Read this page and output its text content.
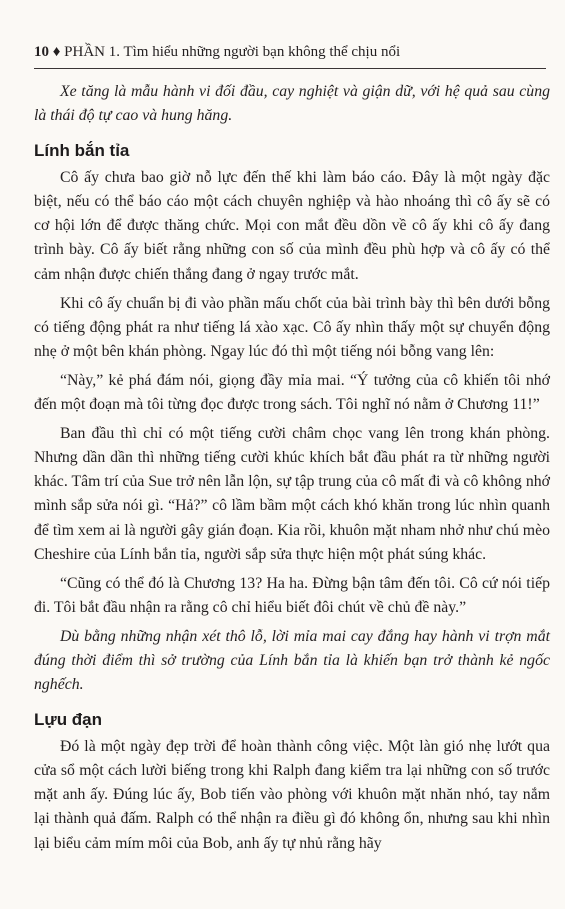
10 ♦ PHẦN 1. Tìm hiểu những người bạn không thể chịu nổi

Xe tăng là mẫu hành vi đối đầu, cay nghiệt và giận dữ, với hệ quả sau cùng là thái độ tự cao và hung hăng.

Lính bắn tỉa

Cô ấy chưa bao giờ nỗ lực đến thế khi làm báo cáo. Đây là một ngày đặc biệt, nếu có thể báo cáo một cách chuyên nghiệp và hào nhoáng thì cô ấy sẽ có cơ hội lớn để được thăng chức. Mọi con mắt đều dồn về cô ấy khi cô ấy đang trình bày. Cô ấy biết rằng những con số của mình đều phù hợp và cô ấy có thể cảm nhận được chiến thắng đang ở ngay trước mắt.

Khi cô ấy chuẩn bị đi vào phần mấu chốt của bài trình bày thì bên dưới bỗng có tiếng động phát ra như tiếng lá xào xạc. Cô ấy nhìn thấy một sự chuyển động nhẹ ở một bên khán phòng. Ngay lúc đó thì một tiếng nói bỗng vang lên:

“Này,” kẻ phá đám nói, giọng đầy mỉa mai. “Ý tưởng của cô khiến tôi nhớ đến một đoạn mà tôi từng đọc được trong sách. Tôi nghĩ nó nằm ở Chương 11!”

Ban đầu thì chỉ có một tiếng cười châm chọc vang lên trong khán phòng. Nhưng dần dần thì những tiếng cười khúc khích bắt đầu phát ra từ những người khác. Tâm trí của Sue trở nên lẫn lộn, sự tập trung của cô mất đi và cô không nhớ mình sắp sửa nói gì. “Hả?” cô lầm bầm một cách khó khăn trong lúc nhìn quanh để tìm xem ai là người gây gián đoạn. Kia rồi, khuôn mặt nham nhở như chú mèo Cheshire của Lính bắn tỉa, người sắp sửa thực hiện một phát súng khác.

“Cũng có thể đó là Chương 13? Ha ha. Đừng bận tâm đến tôi. Cô cứ nói tiếp đi. Tôi bắt đầu nhận ra rằng cô chỉ hiểu biết đôi chút về chủ đề này.”

Dù bằng những nhận xét thô lỗ, lời mỉa mai cay đắng hay hành vi trợn mắt đúng thời điểm thì sở trường của Lính bắn tỉa là khiến bạn trở thành kẻ ngốc nghếch.

Lựu đạn

Đó là một ngày đẹp trời để hoàn thành công việc. Một làn gió nhẹ lướt qua cửa sổ một cách lười biếng trong khi Ralph đang kiểm tra lại những con số trước mặt anh ấy. Đúng lúc ấy, Bob tiến vào phòng với khuôn mặt nhăn nhó, tay nắm lại thành quả đấm. Ralph có thể nhận ra điều gì đó không ổn, nhưng sau khi nhìn lại biểu cảm mím môi của Bob, anh ấy tự nhủ rằng hãy
